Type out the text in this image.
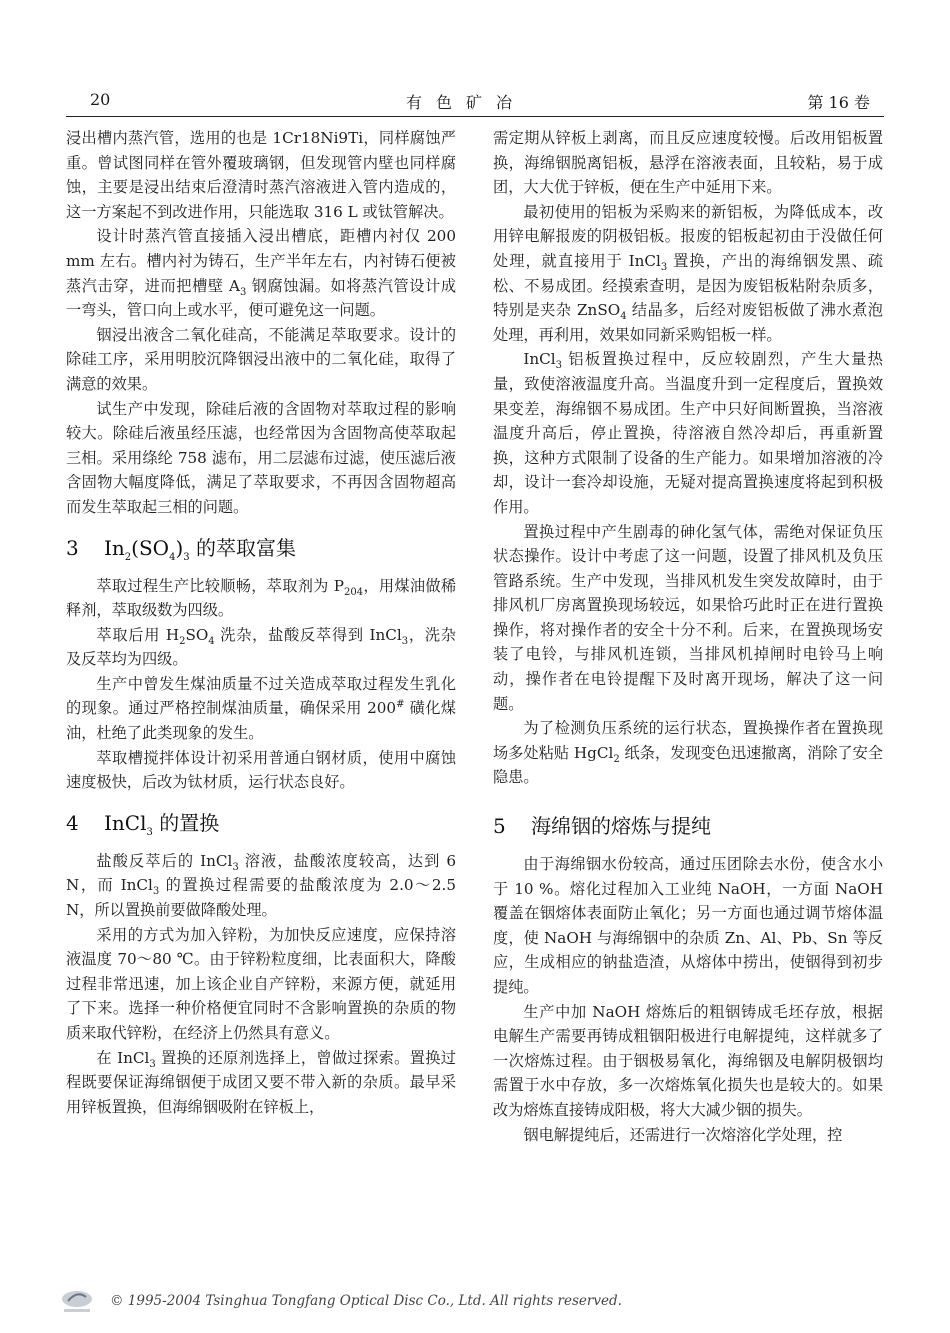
20	有色矿冶	第 16 卷

浸出槽内蒸汽管，选用的也是 1Cr18Ni9Ti，同样腐蚀严重。曾试图同样在管外覆玻璃钢，但发现管内壁也同样腐蚀，主要是浸出结束后澄清时蒸汽溶液进入管内造成的，这一方案起不到改进作用，只能选取 316 L 或钛管解决。

设计时蒸汽管直接插入浸出槽底，距槽内衬仅 200 mm 左右。槽内衬为铸石，生产半年左右，内衬铸石便被蒸汽击穿，进而把槽壁 $A_3$ 钢腐蚀漏。如将蒸汽管设计成一弯头，管口向上或水平，便可避免这一问题。

铟浸出液含二氧化硅高，不能满足萃取要求。设计的除硅工序，采用明胶沉降铟浸出液中的二氧化硅，取得了满意的效果。

试生产中发现，除硅后液的含固物对萃取过程的影响较大。除硅后液虽经压滤，也经常因为含固物高使萃取起三相。采用绦纶 758 滤布，用二层滤布过滤，使压滤后液含固物大幅度降低，满足了萃取要求，不再因含固物超高而发生萃取起三相的问题。

3 $In_2(SO_4)_3$ 的萃取富集

萃取过程生产比较顺畅，萃取剂为 $P_{204}$，用煤油做稀释剂，萃取级数为四级。

萃取后用 $H_2SO_4$ 洗杂，盐酸反萃得到 InCl$_3$，洗杂及反萃均为四级。

生产中曾发生煤油质量不过关造成萃取过程发生乳化的现象。通过严格控制煤油质量，确保采用 200# 磺化煤油，杜绝了此类现象的发生。

萃取槽搅拌体设计初采用普通白钢材质，使用中腐蚀速度极快，后改为钛材质，运行状态良好。

4 InCl$_3$ 的置换

盐酸反萃后的 InCl$_3$ 溶液，盐酸浓度较高，达到 6 N，而 InCl$_3$ 的置换过程需要的盐酸浓度为 2.0～2.5 N，所以置换前要做降酸处理。

采用的方式为加入锌粉，为加快反应速度，应保持溶液温度 70～80 ℃。由于锌粉粒度细，比表面积大，降酸过程非常迅速，加上该企业自产锌粉，来源方便，就延用了下来。选择一种价格便宜同时不含影响置换的杂质的物质来取代锌粉，在经济上仍然具有意义。

在 InCl$_3$ 置换的还原剂选择上，曾做过探索。置换过程既要保证海绵铟便于成团又要不带入新的杂质。最早采用锌板置换，但海绵铟吸附在锌板上，

需定期从锌板上剥离，而且反应速度较慢。后改用铝板置换，海绵铟脱离铝板，悬浮在溶液表面，且较粘，易于成团，大大优于锌板，便在生产中延用下来。

最初使用的铝板为采购来的新铝板，为降低成本，改用锌电解报废的阴极铝板。报废的铝板起初由于没做任何处理，就直接用于 InCl$_3$ 置换，产出的海绵铟发黑、疏松、不易成团。经摸索查明，是因为废铝板粘附杂质多，特别是夹杂 ZnSO$_4$ 结晶多，后经对废铝板做了沸水煮泡处理，再利用，效果如同新采购铝板一样。

InCl$_3$ 铝板置换过程中，反应较剧烈，产生大量热量，致使溶液温度升高。当温度升到一定程度后，置换效果变差，海绵铟不易成团。生产中只好间断置换，当溶液温度升高后，停止置换，待溶液自然冷却后，再重新置换，这种方式限制了设备的生产能力。如果增加溶液的冷却，设计一套冷却设施，无疑对提高置换速度将起到积极作用。

置换过程中产生剧毒的砷化氢气体，需绝对保证负压状态操作。设计中考虑了这一问题，设置了排风机及负压管路系统。生产中发现，当排风机发生突发故障时，由于排风机厂房离置换现场较远，如果恰巧此时正在进行置换操作，将对操作者的安全十分不利。后来，在置换现场安装了电铃，与排风机连锁，当排风机掉闸时电铃马上响动，操作者在电铃提醒下及时离开现场，解决了这一问题。

为了检测负压系统的运行状态，置换操作者在置换现场多处粘贴 HgCl$_2$ 纸条，发现变色迅速撤离，消除了安全隐患。

5 海绵铟的熔炼与提纯

由于海绵铟水份较高，通过压团除去水份，使含水小于 10 %。熔化过程加入工业纯 NaOH，一方面 NaOH 覆盖在铟熔体表面防止氧化；另一方面也通过调节熔体温度，使 NaOH 与海绵铟中的杂质 Zn、Al、Pb、Sn 等反应，生成相应的钠盐造渣，从熔体中捞出，使铟得到初步提纯。

生产中加 NaOH 熔炼后的粗铟铸成毛坯存放，根据电解生产需要再铸成粗铟阳极进行电解提纯，这样就多了一次熔炼过程。由于铟极易氧化，海绵铟及电解阴极铟均需置于水中存放，多一次熔炼氧化损失也是较大的。如果改为熔炼直接铸成阳极，将大大减少铟的损失。

铟电解提纯后，还需进行一次熔溶化学处理，控

© 1995-2004 Tsinghua Tongfang Optical Disc Co., Ltd. All rights reserved.
